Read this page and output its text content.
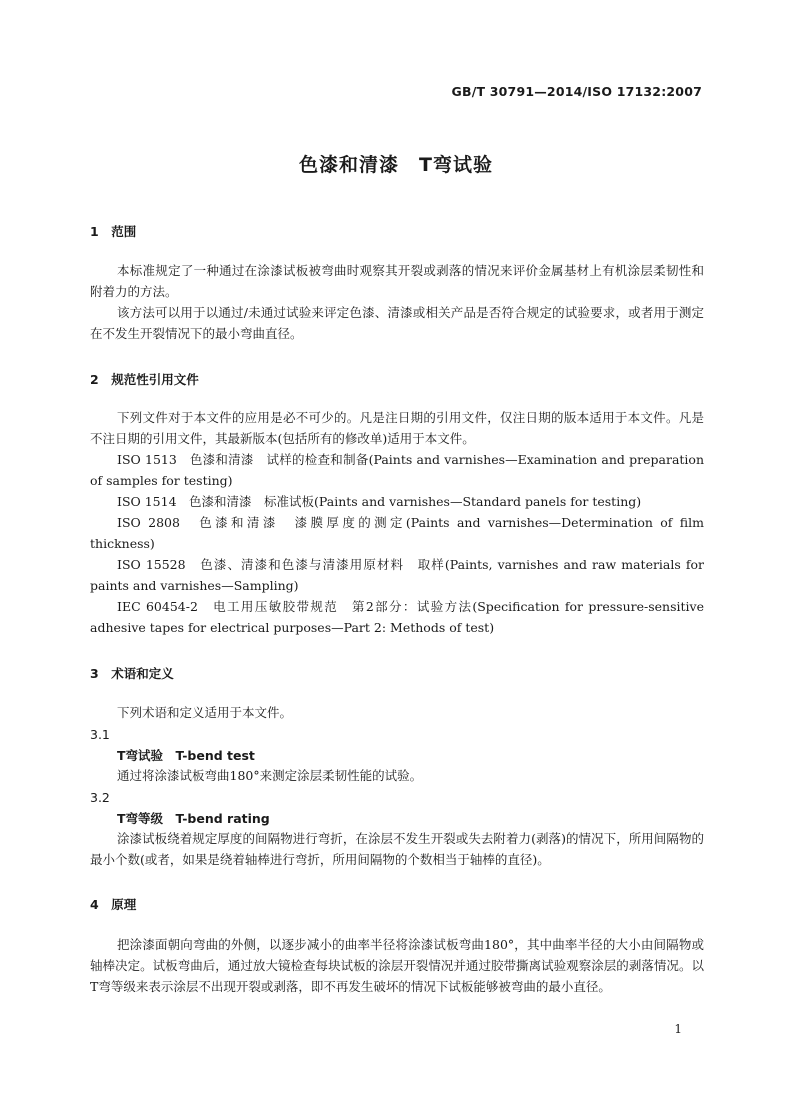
GB/T 30791—2014/ISO 17132:2007
色漆和清漆　T弯试验
1　范围
本标准规定了一种通过在涂漆试板被弯曲时观察其开裂或剥落的情况来评价金属基材上有机涂层柔韧性和附着力的方法。
该方法可以用于以通过/未通过试验来评定色漆、清漆或相关产品是否符合规定的试验要求，或者用于测定在不发生开裂情况下的最小弯曲直径。
2　规范性引用文件
下列文件对于本文件的应用是必不可少的。凡是注日期的引用文件，仅注日期的版本适用于本文件。凡是不注日期的引用文件，其最新版本(包括所有的修改单)适用于本文件。
ISO 1513　色漆和清漆　试样的检查和制备(Paints and varnishes—Examination and preparation of samples for testing)
ISO 1514　色漆和清漆　标准试板(Paints and varnishes—Standard panels for testing)
ISO 2808　色漆和清漆　漆膜厚度的测定(Paints and varnishes—Determination of film thickness)
ISO 15528　色漆、清漆和色漆与清漆用原材料　取样(Paints, varnishes and raw materials for paints and varnishes—Sampling)
IEC 60454-2　电工用压敏胶带规范　第2部分：试验方法(Specification for pressure-sensitive adhesive tapes for electrical purposes—Part 2: Methods of test)
3　术语和定义
下列术语和定义适用于本文件。
3.1
T弯试验　T-bend test
通过将涂漆试板弯曲180°来测定涂层柔韧性能的试验。
3.2
T弯等级　T-bend rating
涂漆试板绕着规定厚度的间隔物进行弯折，在涂层不发生开裂或失去附着力(剥落)的情况下，所用间隔物的最小个数(或者，如果是绕着轴棒进行弯折，所用间隔物的个数相当于轴棒的直径)。
4　原理
把涂漆面朝向弯曲的外侧，以逐步减小的曲率半径将涂漆试板弯曲180°，其中曲率半径的大小由间隔物或轴棒决定。试板弯曲后，通过放大镜检查每块试板的涂层开裂情况并通过胶带撕离试验观察涂层的剥落情况。以T弯等级来表示涂层不出现开裂或剥落，即不再发生破坏的情况下试板能够被弯曲的最小直径。
1
